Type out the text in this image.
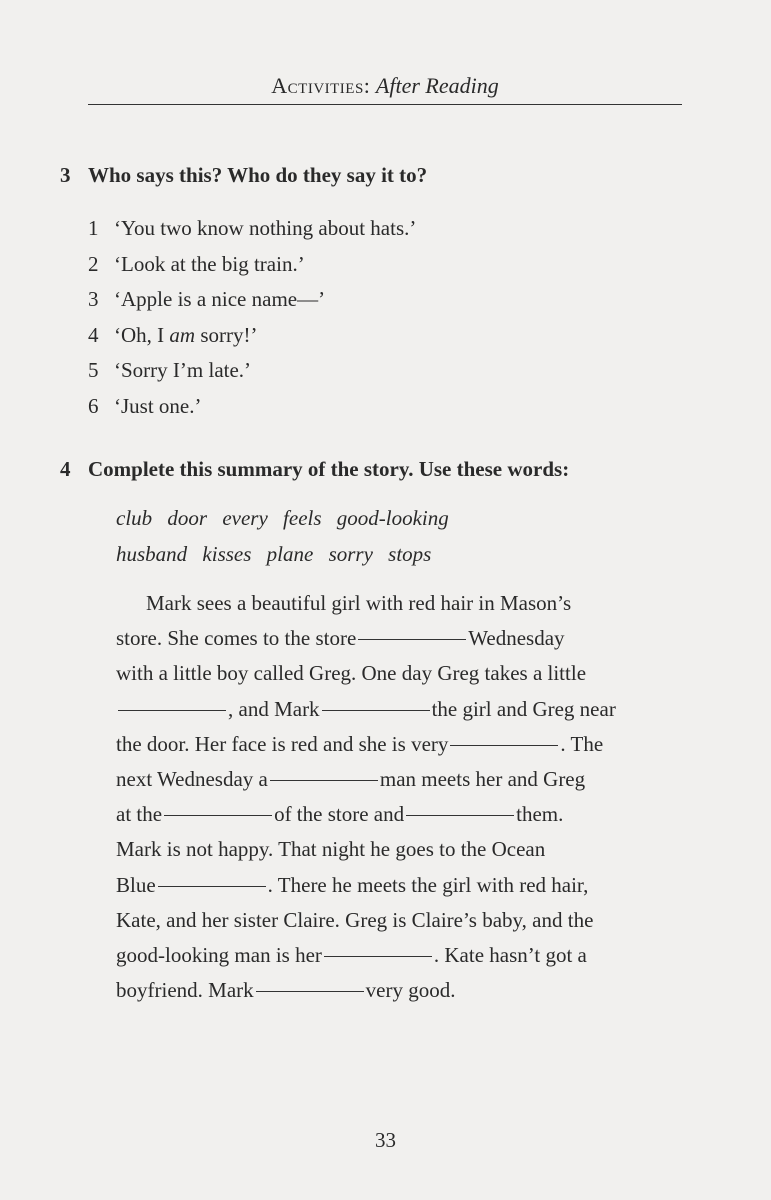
Activities: After Reading
3 Who says this? Who do they say it to?
1 ‘You two know nothing about hats.’
2 ‘Look at the big train.’
3 ‘Apple is a nice name—’
4 ‘Oh, I am sorry!’
5 ‘Sorry I’m late.’
6 ‘Just one.’
4 Complete this summary of the story. Use these words:
club door every feels good-looking
husband kisses plane sorry stops
Mark sees a beautiful girl with red hair in Mason’s
store. She comes to the store	Wednesday
with a little boy called Greg. One day Greg takes a little
, and Mark	the girl and Greg near
the door. Her face is red and she is very	. The
next Wednesday a	man meets her and Greg
at the	of the store and	them.
Mark is not happy. That night he goes to the Ocean
Blue	. There he meets the girl with red hair,
Kate, and her sister Claire. Greg is Claire’s baby, and the
good-looking man is her	. Kate hasn’t got a
boyfriend. Mark	very good.
33
